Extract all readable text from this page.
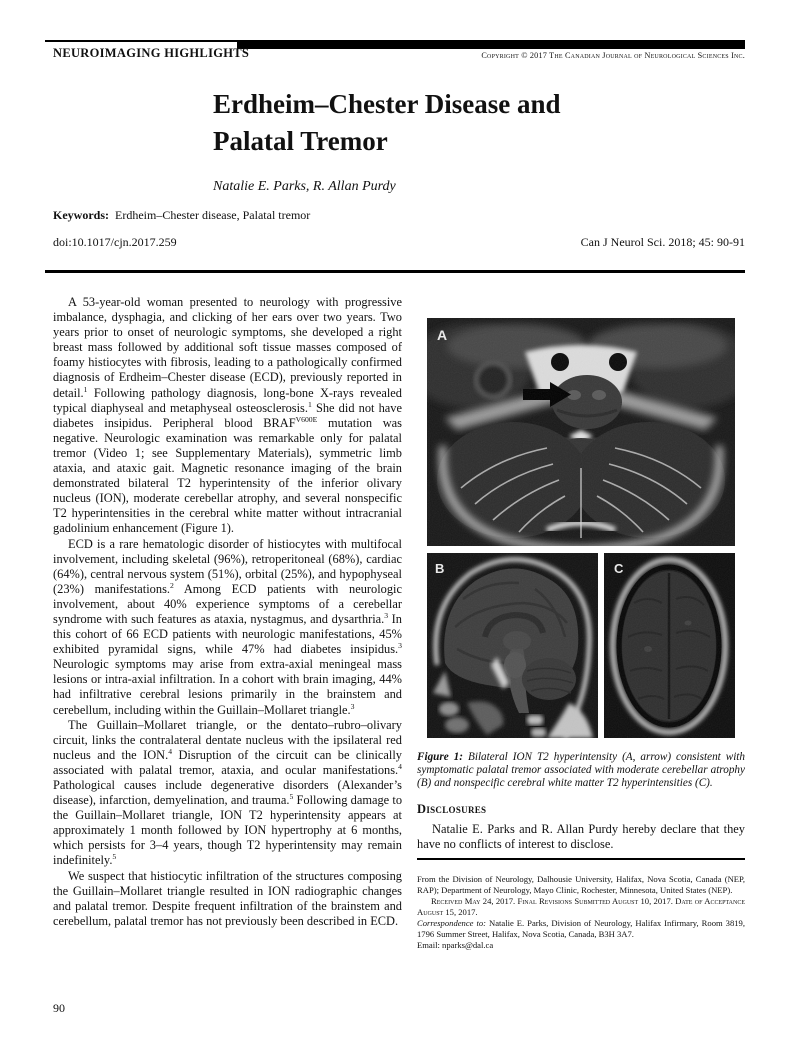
NEUROIMAGING HIGHLIGHTS	Copyright © 2017 The Canadian Journal of Neurological Sciences Inc.
Erdheim–Chester Disease and
Palatal Tremor
Natalie E. Parks, R. Allan Purdy
Keywords: Erdheim–Chester disease, Palatal tremor
Can J Neurol Sci. 2018; 45: 90-91
doi:10.1017/cjn.2017.259

A 53-year-old woman presented to neurology with progressive imbalance, dysphagia, and clicking of her ears over two years. Two years prior to onset of neurologic symptoms, she developed a right breast mass followed by additional soft tissue masses composed of foamy histiocytes with fibrosis, leading to a pathologically confirmed diagnosis of Erdheim–Chester disease (ECD), previously reported in detail.$^1$ Following pathology diagnosis, long-bone X-rays revealed typical diaphyseal and metaphyseal osteosclerosis.$^1$ She did not have diabetes insipidus. Peripheral blood $BRAF^{V600E}$ mutation was negative. Neurologic examination was remarkable only for palatal tremor (Video 1; see Supplementary Materials), symmetric limb ataxia, and ataxic gait. Magnetic resonance imaging of the brain demonstrated bilateral T2 hyperintensity of the inferior olivary nucleus (ION), moderate cerebellar atrophy, and several nonspecific T2 hyperintensities in the cerebral white matter without intracranial gadolinium enhancement (Figure 1).

ECD is a rare hematologic disorder of histiocytes with multifocal involvement, including skeletal (96%), retroperitoneal (68%), cardiac (64%), central nervous system (51%), orbital (25%), and hypophyseal (23%) manifestations.$^2$ Among ECD patients with neurologic involvement, about 40% experience symptoms of a cerebellar syndrome with such features as ataxia, nystagmus, and dysarthria.$^3$ In this cohort of 66 ECD patients with neurologic manifestations, 45% exhibited pyramidal signs, while 47% had diabetes insipidus.$^3$ Neurologic symptoms may arise from extra-axial meningeal mass lesions or intra-axial infiltration. In a cohort with brain imaging, 44% had infiltrative cerebral lesions primarily in the brainstem and cerebellum, including within the Guillain–Mollaret triangle.$^3$

The Guillain–Mollaret triangle, or the dentato–rubro–olivary circuit, links the contralateral dentate nucleus with the ipsilateral red nucleus and the ION.$^4$ Disruption of the circuit can be clinically associated with palatal tremor, ataxia, and ocular manifestations.$^4$ Pathological causes include degenerative disorders (Alexander’s disease), infarction, demyelination, and trauma.$^5$ Following damage to the Guillain–Mollaret triangle, ION T2 hyperintensity appears at approximately 1 month followed by ION hypertrophy at 6 months, which persists for 3–4 years, though T2 hyperintensity may remain indefinitely.$^5$

We suspect that histiocytic infiltration of the structures composing the Guillain–Mollaret triangle resulted in ION radiographic changes and palatal tremor. Despite frequent infiltration of the brainstem and cerebellum, palatal tremor has not previously been described in ECD.

A
B	C
Figure 1: Bilateral ION T2 hyperintensity (A, arrow) consistent with symptomatic palatal tremor associated with moderate cerebellar atrophy (B) and nonspecific cerebral white matter T2 hyperintensities (C).
Disclosures

Natalie E. Parks and R. Allan Purdy hereby declare that they have no conflicts of interest to disclose.

From the Division of Neurology, Dalhousie University, Halifax, Nova Scotia, Canada (NEP, RAP); Department of Neurology, Mayo Clinic, Rochester, Minnesota, United States (NEP).

Received May 24, 2017. Final Revisions Submitted August 10, 2017. Date of Acceptance August 15, 2017.

Correspondence to: Natalie E. Parks, Division of Neurology, Halifax Infirmary, Room 3819, 1796 Summer Street, Halifax, Nova Scotia, Canada, B3H 3A7.

Email: nparks@dal.ca

90
